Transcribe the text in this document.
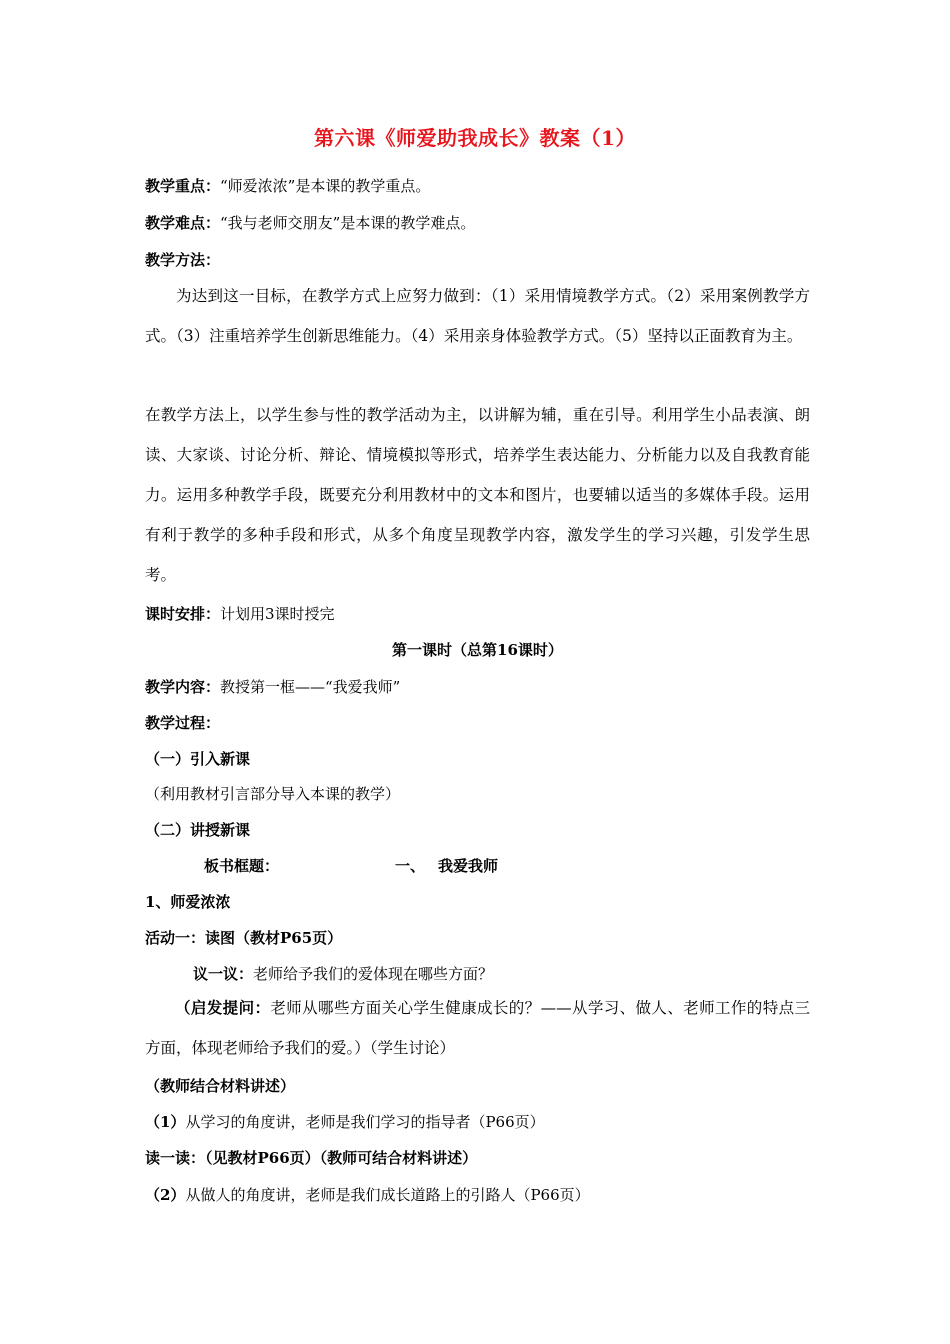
第六课《师爱助我成长》教案（1）
教学重点：“师爱浓浓”是本课的教学重点。
教学难点：“我与老师交朋友”是本课的教学难点。
教学方法：
为达到这一目标，在教学方式上应努力做到：（1）采用情境教学方式。（2）采用案例教学方式。（3）注重培养学生创新思维能力。（4）采用亲身体验教学方式。（5）坚持以正面教育为主。
在教学方法上，以学生参与性的教学活动为主，以讲解为辅，重在引导。利用学生小品表演、朗读、大家谈、讨论分析、辩论、情境模拟等形式，培养学生表达能力、分析能力以及自我教育能力。运用多种教学手段，既要充分利用教材中的文本和图片，也要辅以适当的多媒体手段。运用有利于教学的多种手段和形式，从多个角度呈现教学内容，激发学生的学习兴趣，引发学生思考。
课时安排：计划用3课时授完
第一课时（总第16课时）
教学内容：教授第一框——“我爱我师”
教学过程：
（一）引入新课
（利用教材引言部分导入本课的教学）
（二）讲授新课
板书框题：	一、 我爱我师
1、师爱浓浓
活动一：读图（教材P65页）
议一议：老师给予我们的爱体现在哪些方面？
（启发提问：老师从哪些方面关心学生健康成长的？——从学习、做人、老师工作的特点三方面，体现老师给予我们的爱。）（学生讨论）
（教师结合材料讲述）
（1）从学习的角度讲，老师是我们学习的指导者（P66页）
读一读：（见教材P66页）（教师可结合材料讲述）
（2）从做人的角度讲，老师是我们成长道路上的引路人（P66页）
